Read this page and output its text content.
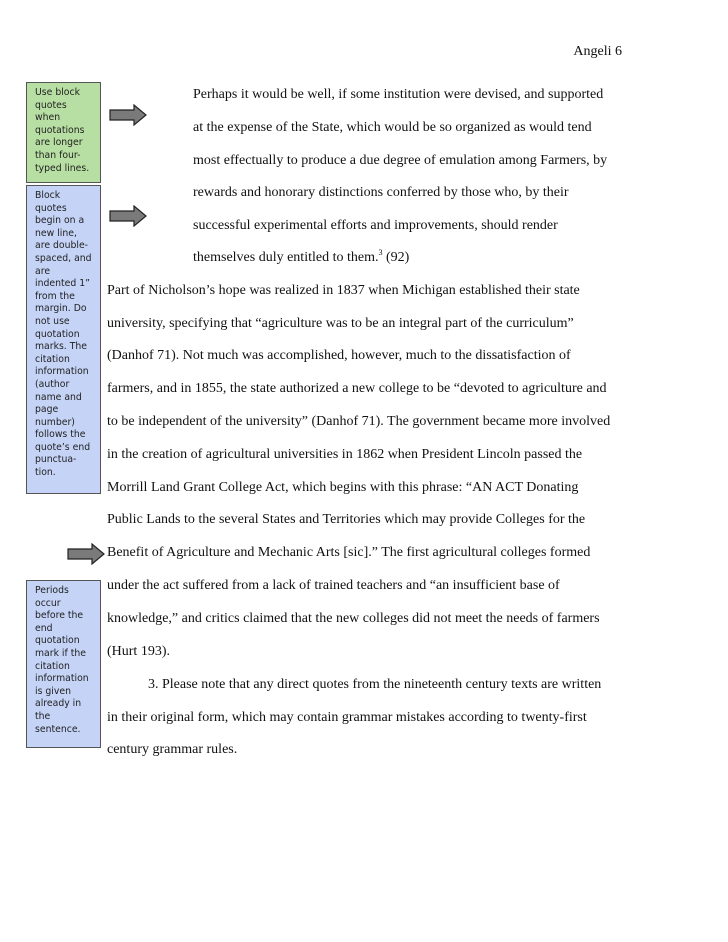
Angeli 6
Use block
quotes
when
quotations
are longer
than four-
typed lines.
Block
quotes
begin on a
new line,
are double-
spaced, and
are
indented 1”
from the
margin. Do
not use
quotation
marks. The
citation
information
(author
name and
page
number)
follows the
quote’s end
punctua-
tion.
Periods
occur
before the
end
quotation
mark if the
citation
information
is given
already in
the
sentence.
Perhaps it would be well, if some institution were devised, and supported
at the expense of the State, which would be so organized as would tend
most effectually to produce a due degree of emulation among Farmers, by
rewards and honorary distinctions conferred by those who, by their
successful experimental efforts and improvements, should render
themselves duly entitled to them.$^3$ (92)
Part of Nicholson’s hope was realized in 1837 when Michigan established their state
university, specifying that “agriculture was to be an integral part of the curriculum”
(Danhof 71). Not much was accomplished, however, much to the dissatisfaction of
farmers, and in 1855, the state authorized a new college to be “devoted to agriculture and
to be independent of the university” (Danhof 71). The government became more involved
in the creation of agricultural universities in 1862 when President Lincoln passed the
Morrill Land Grant College Act, which begins with this phrase: “AN ACT Donating
Public Lands to the several States and Territories which may provide Colleges for the
Benefit of Agriculture and Mechanic Arts [sic].” The first agricultural colleges formed
under the act suffered from a lack of trained teachers and “an insufficient base of
knowledge,” and critics claimed that the new colleges did not meet the needs of farmers
(Hurt 193).
3. Please note that any direct quotes from the nineteenth century texts are written
in their original form, which may contain grammar mistakes according to twenty-first
century grammar rules.
